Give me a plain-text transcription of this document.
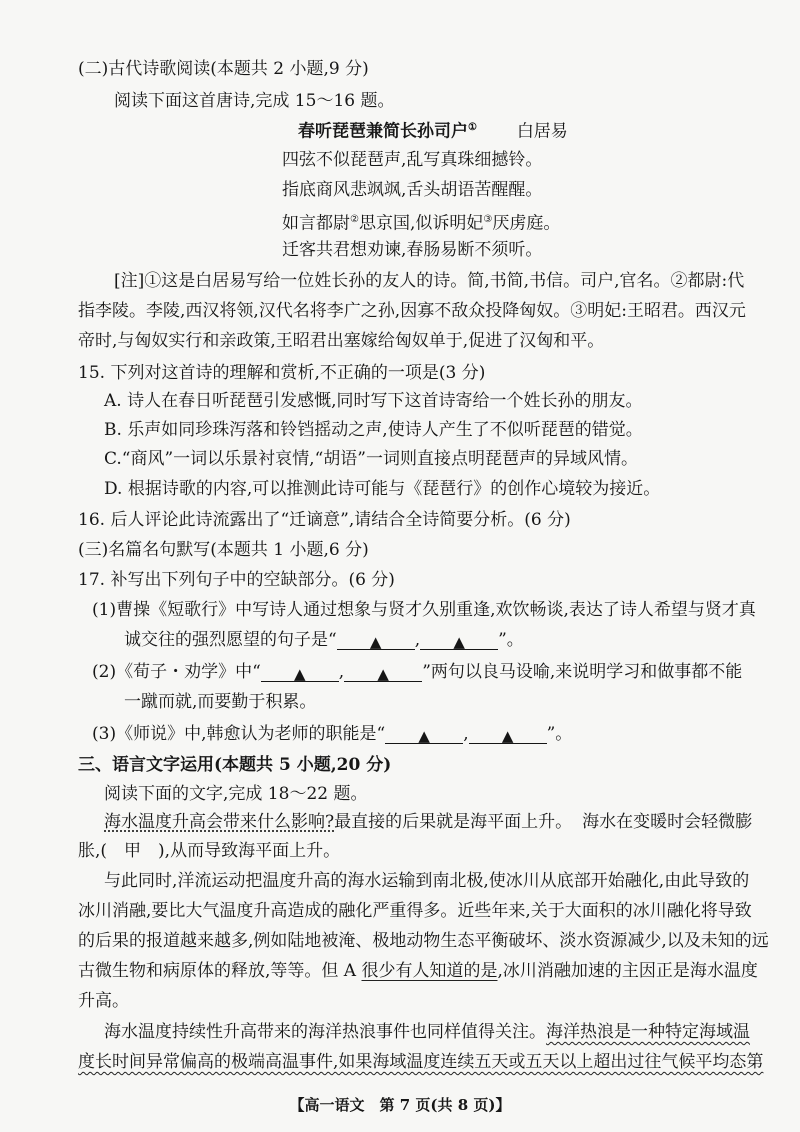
(二)古代诗歌阅读(本题共 2 小题,9 分)
阅读下面这首唐诗,完成 15～16 题。
春听琵琶兼简长孙司户① 白居易
四弦不似琵琶声,乱写真珠细撼铃。
指底商风悲飒飒,舌头胡语苦醒醒。
如言都尉②思京国,似诉明妃③厌虏庭。
迁客共君想劝谏,春肠易断不须听。
[注]①这是白居易写给一位姓长孙的友人的诗。简,书简,书信。司户,官名。②都尉:代
指李陵。李陵,西汉将领,汉代名将李广之孙,因寡不敌众投降匈奴。③明妃:王昭君。西汉元
帝时,与匈奴实行和亲政策,王昭君出塞嫁给匈奴单于,促进了汉匈和平。
15. 下列对这首诗的理解和赏析,不正确的一项是(3 分)
A. 诗人在春日听琵琶引发感慨,同时写下这首诗寄给一个姓长孙的朋友。
B. 乐声如同珍珠泻落和铃铛摇动之声,使诗人产生了不似听琵琶的错觉。
C.“商风”一词以乐景衬哀情,“胡语”一词则直接点明琵琶声的异域风情。
D. 根据诗歌的内容,可以推测此诗可能与《琵琶行》的创作心境较为接近。
16. 后人评论此诗流露出了“迁谪意”,请结合全诗简要分析。(6 分)
(三)名篇名句默写(本题共 1 小题,6 分)
17. 补写出下列句子中的空缺部分。(6 分)
(1)曹操《短歌行》中写诗人通过想象与贤才久别重逢,欢饮畅谈,表达了诗人希望与贤才真
诚交往的强烈愿望的句子是“ ▲ , ▲ ”。
(2)《荀子・劝学》中“ ▲ , ▲ ”两句以良马设喻,来说明学习和做事都不能
一蹴而就,而要勤于积累。
(3)《师说》中,韩愈认为老师的职能是“ ▲ , ▲ ”。
三、语言文字运用(本题共 5 小题,20 分)
阅读下面的文字,完成 18～22 题。
海水温度升高会带来什么影响?最直接的后果就是海平面上升。 海水在变暖时会轻微膨
胀,(　甲　),从而导致海平面上升。
与此同时,洋流运动把温度升高的海水运输到南北极,使冰川从底部开始融化,由此导致的
冰川消融,要比大气温度升高造成的融化严重得多。近些年来,关于大面积的冰川融化将导致
的后果的报道越来越多,例如陆地被淹、极地动物生态平衡破坏、淡水资源减少,以及未知的远
古微生物和病原体的释放,等等。但 A 很少有人知道的是,冰川消融加速的主因正是海水温度
升高。
海水温度持续性升高带来的海洋热浪事件也同样值得关注。海洋热浪是一种特定海域温
度长时间异常偏高的极端高温事件,如果海域温度连续五天或五天以上超出过往气候平均态第
【高一语文　第 7 页(共 8 页)】
